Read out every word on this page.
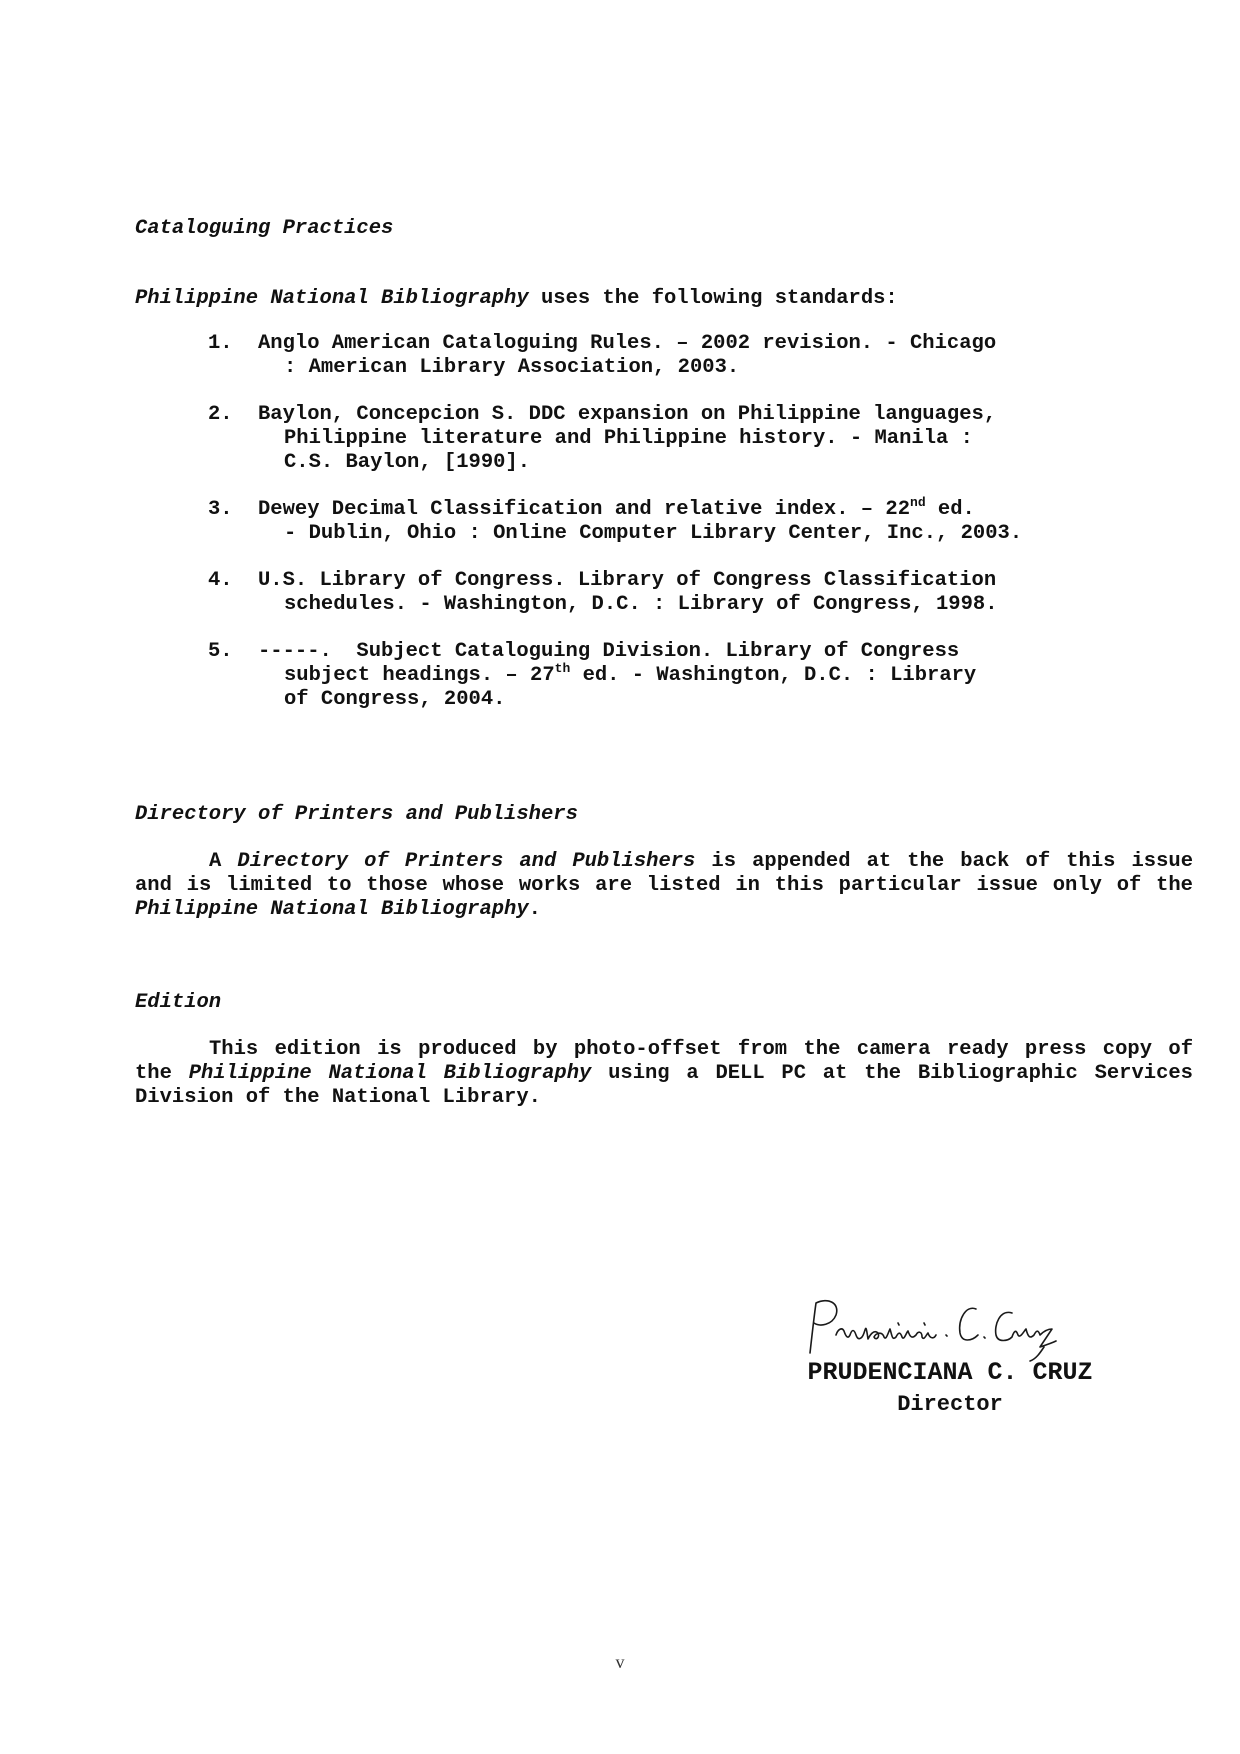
Cataloguing Practices
Philippine National Bibliography uses the following standards:
1.	Anglo American Cataloguing Rules. – 2002 revision. - Chicago
: American Library Association, 2003.
2.	Baylon, Concepcion S. DDC expansion on Philippine languages,
Philippine literature and Philippine history. - Manila :
C.S. Baylon, [1990].
3.	Dewey Decimal Classification and relative index. – 22nd ed.
- Dublin, Ohio : Online Computer Library Center, Inc., 2003.
4.	U.S. Library of Congress. Library of Congress Classification
schedules. - Washington, D.C. : Library of Congress, 1998.
5.	-----.  Subject Cataloguing Division. Library of Congress
subject headings. – 27th ed. - Washington, D.C. : Library
of Congress, 2004.
Directory of Printers and Publishers
A Directory of Printers and Publishers is appended at the back of this issue
and is limited to those whose works are listed in this particular issue only of the
Philippine National Bibliography.
Edition
This edition is produced by photo-offset from the camera ready press copy of
the Philippine National Bibliography using a DELL PC at the Bibliographic Services
Division of the National Library.
PRUDENCIANA C. CRUZ
Director
v
